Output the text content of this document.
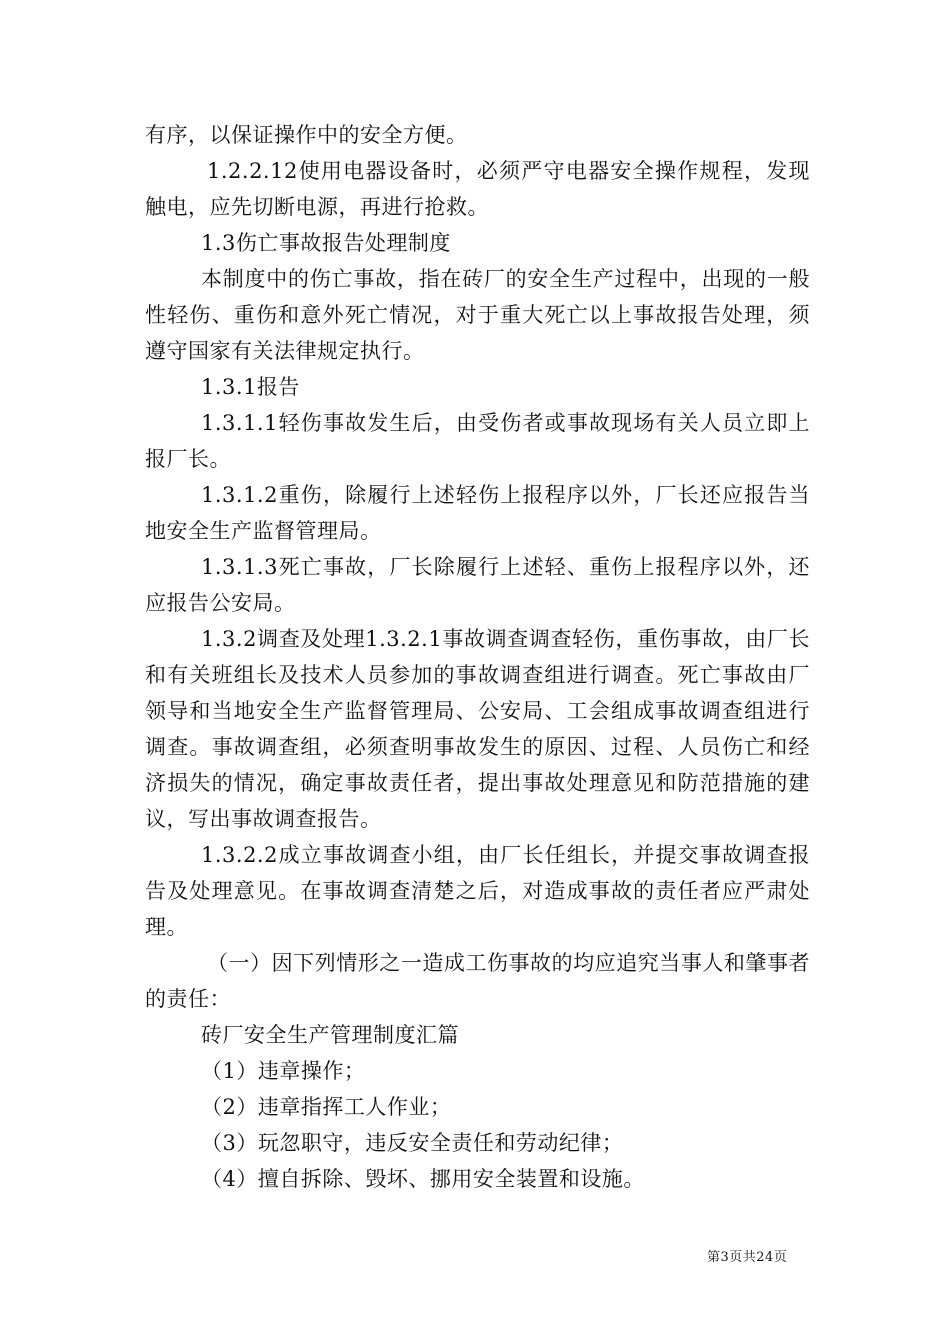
有序，以保证操作中的安全方便。

1.2.2.12使用电器设备时，必须严守电器安全操作规程，发现触电，应先切断电源，再进行抢救。

1.3伤亡事故报告处理制度

本制度中的伤亡事故，指在砖厂的安全生产过程中，出现的一般性轻伤、重伤和意外死亡情况，对于重大死亡以上事故报告处理，须遵守国家有关法律规定执行。

1.3.1报告

1.3.1.1轻伤事故发生后，由受伤者或事故现场有关人员立即上报厂长。

1.3.1.2重伤，除履行上述轻伤上报程序以外，厂长还应报告当地安全生产监督管理局。

1.3.1.3死亡事故，厂长除履行上述轻、重伤上报程序以外，还应报告公安局。

1.3.2调查及处理1.3.2.1事故调查调查轻伤，重伤事故，由厂长和有关班组长及技术人员参加的事故调查组进行调查。死亡事故由厂领导和当地安全生产监督管理局、公安局、工会组成事故调查组进行调查。事故调查组，必须查明事故发生的原因、过程、人员伤亡和经济损失的情况，确定事故责任者，提出事故处理意见和防范措施的建议，写出事故调查报告。

1.3.2.2成立事故调查小组，由厂长任组长，并提交事故调查报告及处理意见。在事故调查清楚之后，对造成事故的责任者应严肃处理。

（一）因下列情形之一造成工伤事故的均应追究当事人和肇事者的责任：

砖厂安全生产管理制度汇篇

（1）违章操作；

（2）违章指挥工人作业；

（3）玩忽职守，违反安全责任和劳动纪律；

（4）擅自拆除、毁坏、挪用安全装置和设施。

第3页共24页
